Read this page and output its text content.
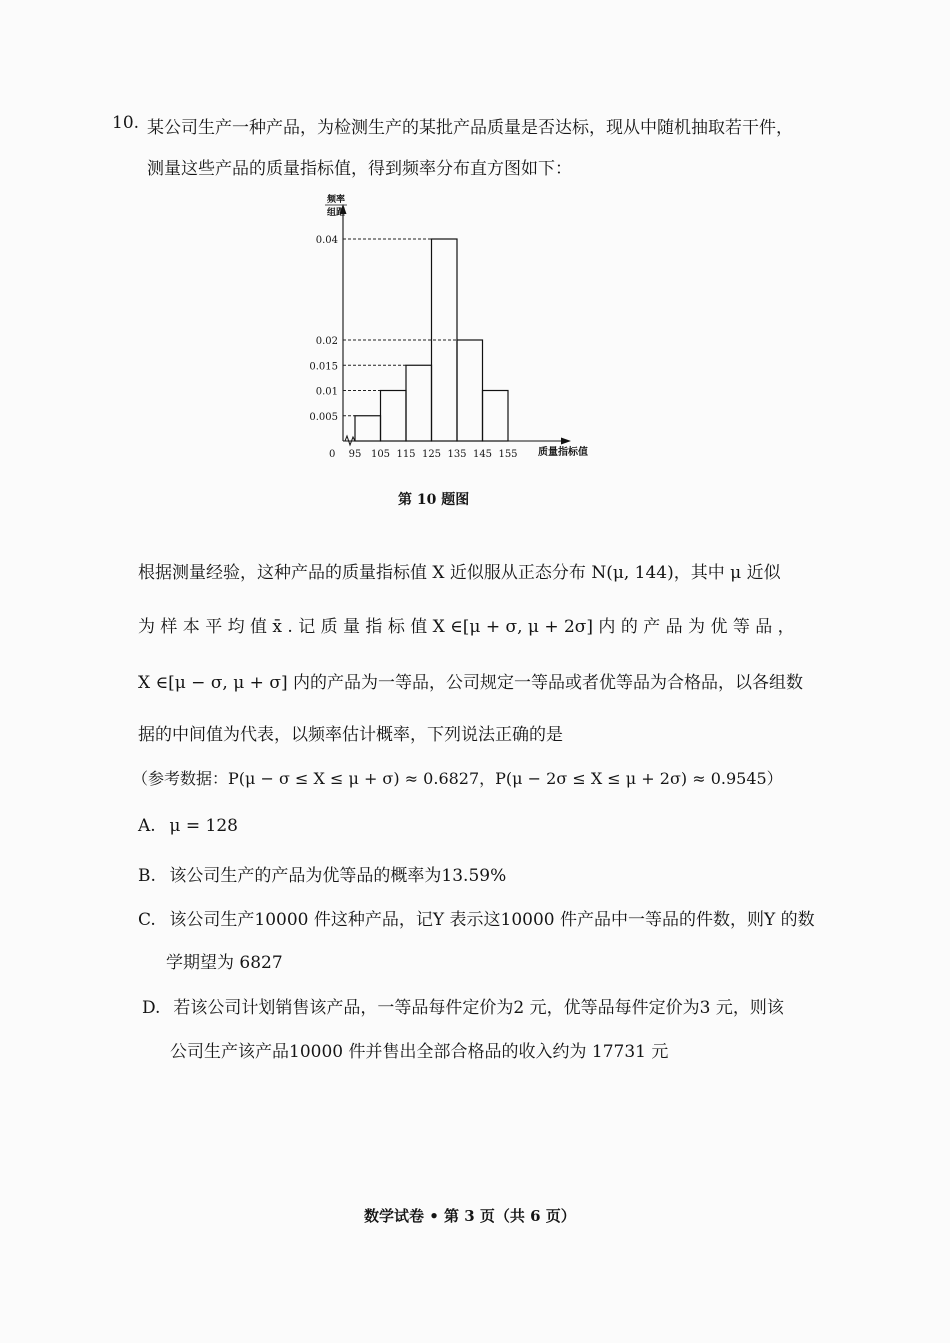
10. 某公司生产一种产品，为检测生产的某批产品质量是否达标，现从中随机抽取若干件，
测量这些产品的质量指标值，得到频率分布直方图如下：
频率
组距
0.005
0.01
0.015
0.02
0.04
0 95 105 115 125 135 145 155 质量指标值
第 10 题图
根据测量经验，这种产品的质量指标值 X 近似服从正态分布 N(μ, 144)，其中 μ 近似
为 样 本 平 均 值 x̄ . 记 质 量 指 标 值 X ∈[μ + σ, μ + 2σ] 内 的 产 品 为 优 等 品 ，
X ∈[μ − σ, μ + σ] 内的产品为一等品，公司规定一等品或者优等品为合格品，以各组数
据的中间值为代表，以频率估计概率，下列说法正确的是
（参考数据：P(μ − σ ≤ X ≤ μ + σ) ≈ 0.6827，P(μ − 2σ ≤ X ≤ μ + 2σ) ≈ 0.9545）
A. μ = 128
B. 该公司生产的产品为优等品的概率为13.59%
C. 该公司生产10000 件这种产品，记Y 表示这10000 件产品中一等品的件数，则Y 的数
学期望为 6827
D. 若该公司计划销售该产品，一等品每件定价为2 元，优等品每件定价为3 元，则该
公司生产该产品10000 件并售出全部合格品的收入约为 17731 元
数学试卷 • 第 3 页（共 6 页）
